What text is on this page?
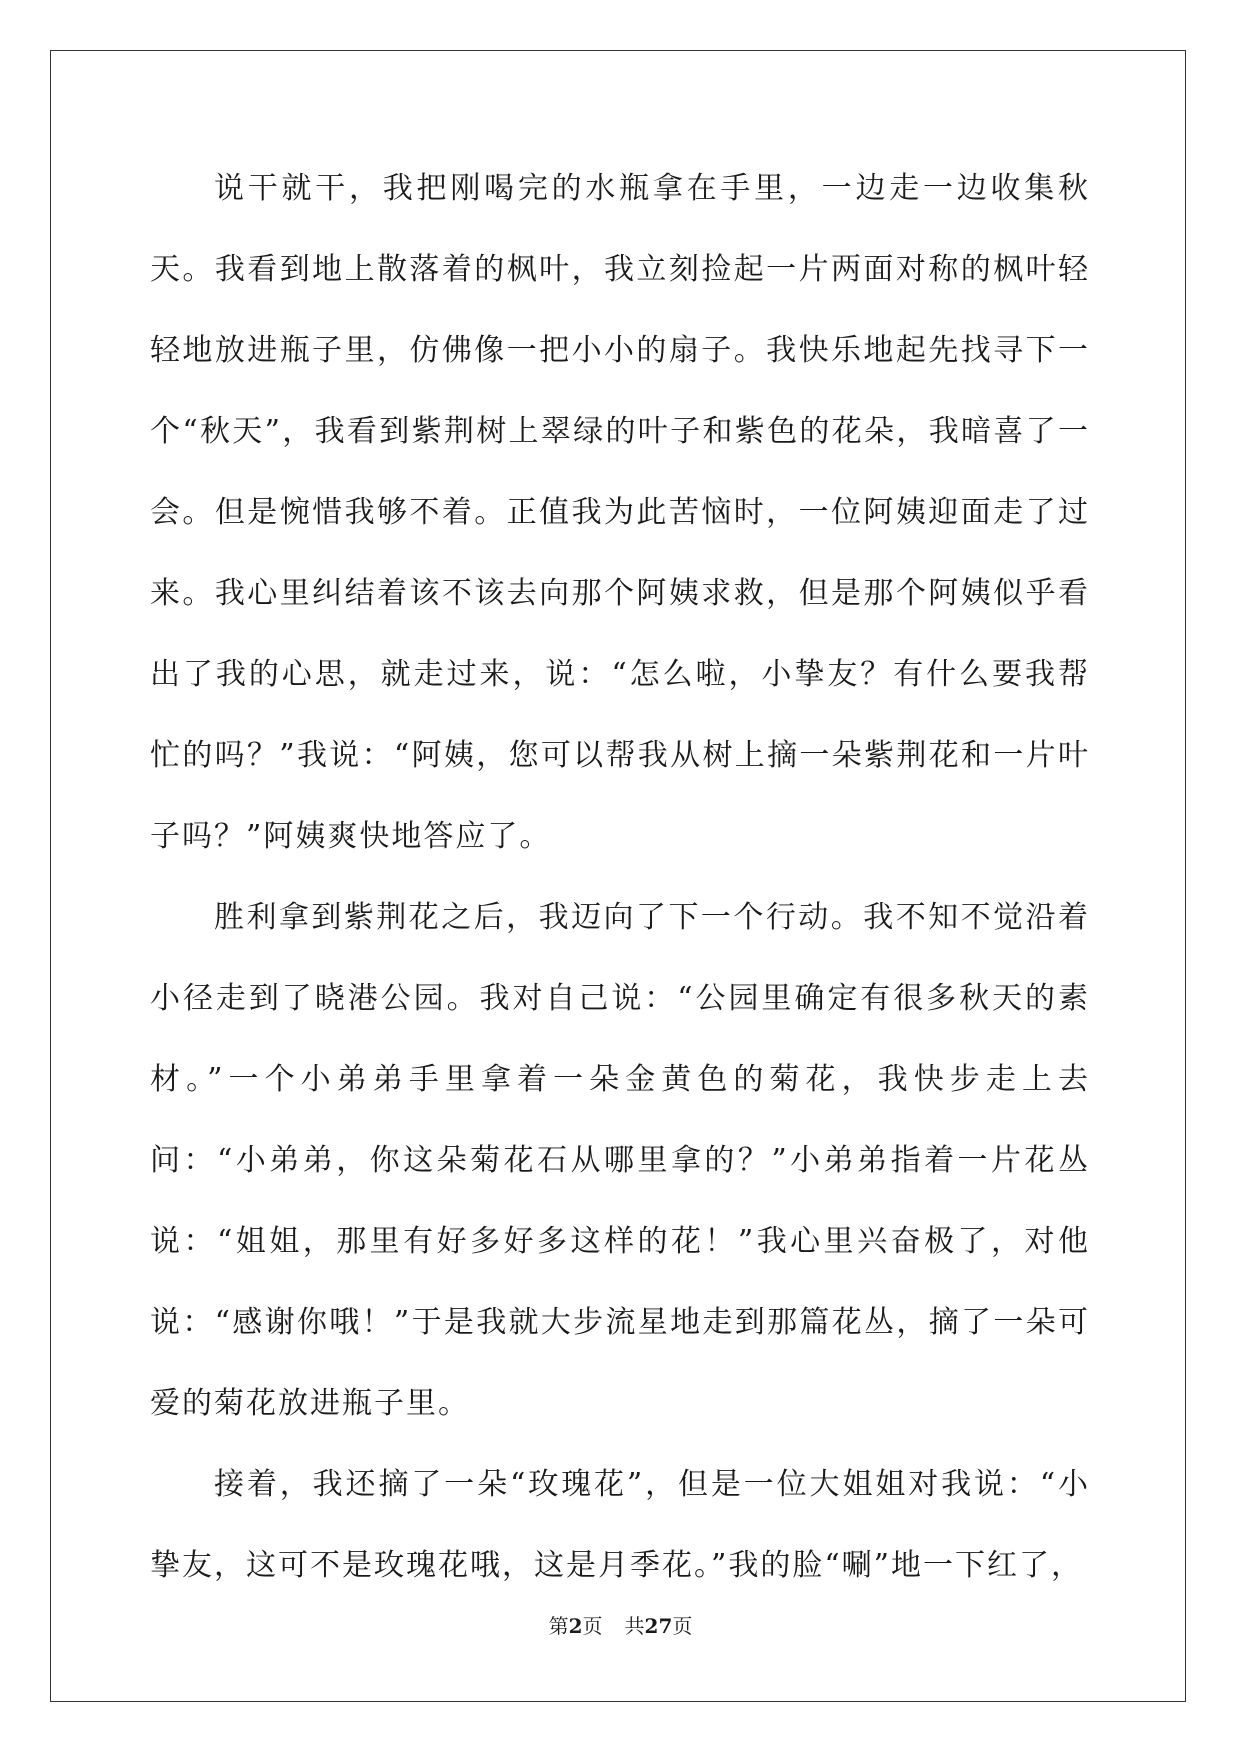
说干就干，我把刚喝完的水瓶拿在手里，一边走一边收集秋天。我看到地上散落着的枫叶，我立刻捡起一片两面对称的枫叶轻轻地放进瓶子里，仿佛像一把小小的扇子。我快乐地起先找寻下一个“秋天”，我看到紫荆树上翠绿的叶子和紫色的花朵，我暗喜了一会。但是惋惜我够不着。正值我为此苦恼时，一位阿姨迎面走了过来。我心里纠结着该不该去向那个阿姨求救，但是那个阿姨似乎看出了我的心思，就走过来，说：“怎么啦，小挚友？有什么要我帮忙的吗？”我说：“阿姨，您可以帮我从树上摘一朵紫荆花和一片叶子吗？”阿姨爽快地答应了。

胜利拿到紫荆花之后，我迈向了下一个行动。我不知不觉沿着小径走到了晓港公园。我对自己说：“公园里确定有很多秋天的素材。”一个小弟弟手里拿着一朵金黄色的菊花，我快步走上去问：“小弟弟，你这朵菊花石从哪里拿的？”小弟弟指着一片花丛说：“姐姐，那里有好多好多这样的花！”我心里兴奋极了，对他说：“感谢你哦！”于是我就大步流星地走到那篇花丛，摘了一朵可爱的菊花放进瓶子里。

接着，我还摘了一朵“玫瑰花”，但是一位大姐姐对我说：“小挚友，这可不是玫瑰花哦，这是月季花。”我的脸“唰”地一下红了，

第2页 共27页
